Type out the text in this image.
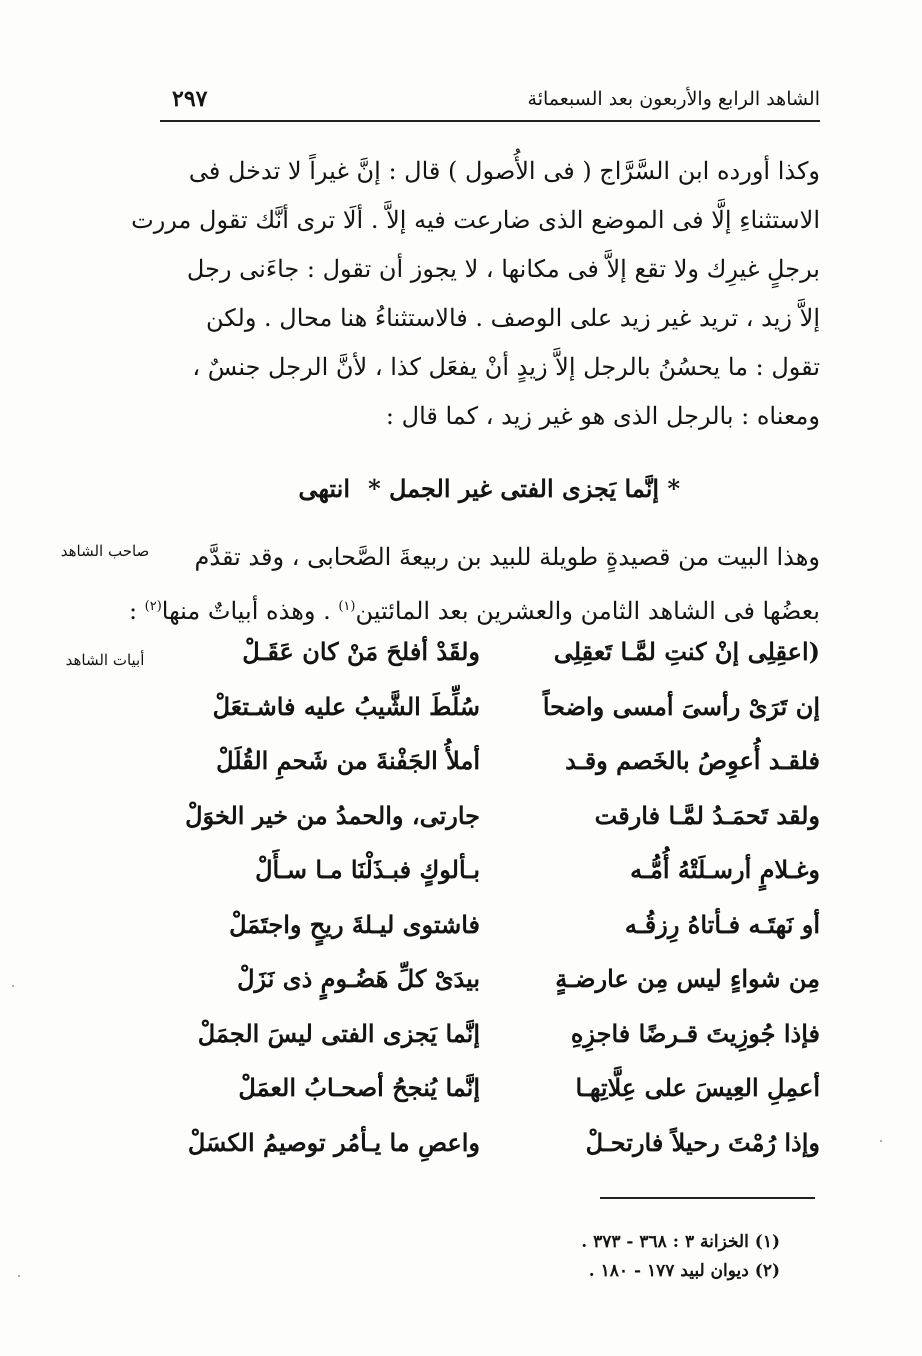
الشاهد الرابع والأربعون بعد السبعمائة
٢٩٧

وكذا أورده ابن السَّرَّاج ( فى الأُصول ) قال : إنَّ غيراً لا تدخل فى

الاستثناءِ إلَّا فى الموضع الذى ضارعت فيه إلاَّ . ألَا ترى أنَّك تقول مررت

برجلٍ غيرِك ولا تقع إلاَّ فى مكانها ، لا يجوز أن تقول : جاءَنى رجل

إلاَّ زيد ، تريد غير زيد على الوصف . فالاستثناءُ هنا محال . ولكن

تقول : ما يحسُنُ بالرجل إلاَّ زيدٍ أنْ يفعَل كذا ، لأنَّ الرجل جنسٌ ،

ومعناه : بالرجل الذى هو غير زيد ، كما قال :

* إنَّما يَجزى الفتى غير الجمل *
انتهى
صاحب الشاهد	وهذا البيت من قصيدةٍ طويلة للبيد بن ربيعةَ الصَّحابى ، وقد تقدَّم

بعضُها فى الشاهد الثامن والعشرين بعد المائتين$^{(١)}$ . وهذه أبياتٌ منها$^{(٢)}$ :

أبيات الشاهد	(اعقِلِى إنْ كنتِ لمَّـا تَعقِلِى
ولقَدْ أفلحَ مَنْ كان عَقَـلْ
إن تَرَىْ رأسىَ أمسى واضحاً
سُلِّطَ الشَّيبُ عليه فاشـتعَلْ
فلقـد أُعوِصُ بالخَصم وقـد
أملأُ الجَفْنةَ من شَحمِ القُلَلْ
ولقد تَحمَـدُ لمَّـا فارقت
جارتى، والحمدُ من خير الخوَلْ
وغـلامٍ أرسـلَتْهُ أُمُّـه
بـألوكٍ فبـذَلْنَا مـا سـأَلْ
أو نَهتَـه فـأتاهُ رِزقُـه
فاشتوى ليـلةَ ريحٍ واجتَمَلْ
مِن شواءٍ ليس مِن عارضـةٍ
بيدَىْ كلِّ هَضُـومٍ ذى نَزَلْ
فإذا جُوزِيتَ قـرضًا فاجزِهِ
إنَّما يَجزى الفتى ليسَ الجمَلْ
أعمِلِ العِيسَ على عِلَّاتِهـا
إنَّما يُنجحُ أصحـابُ العمَلْ
وإذا رُمْتَ رحيلاً فارتحـلْ
واعصِ ما يـأمُر توصيمُ الكسَلْ
(١) الخزانة ٣ : ٣٦٨ - ٣٧٣ .
(٢) ديوان لبيد ١٧٧ - ١٨٠ .
